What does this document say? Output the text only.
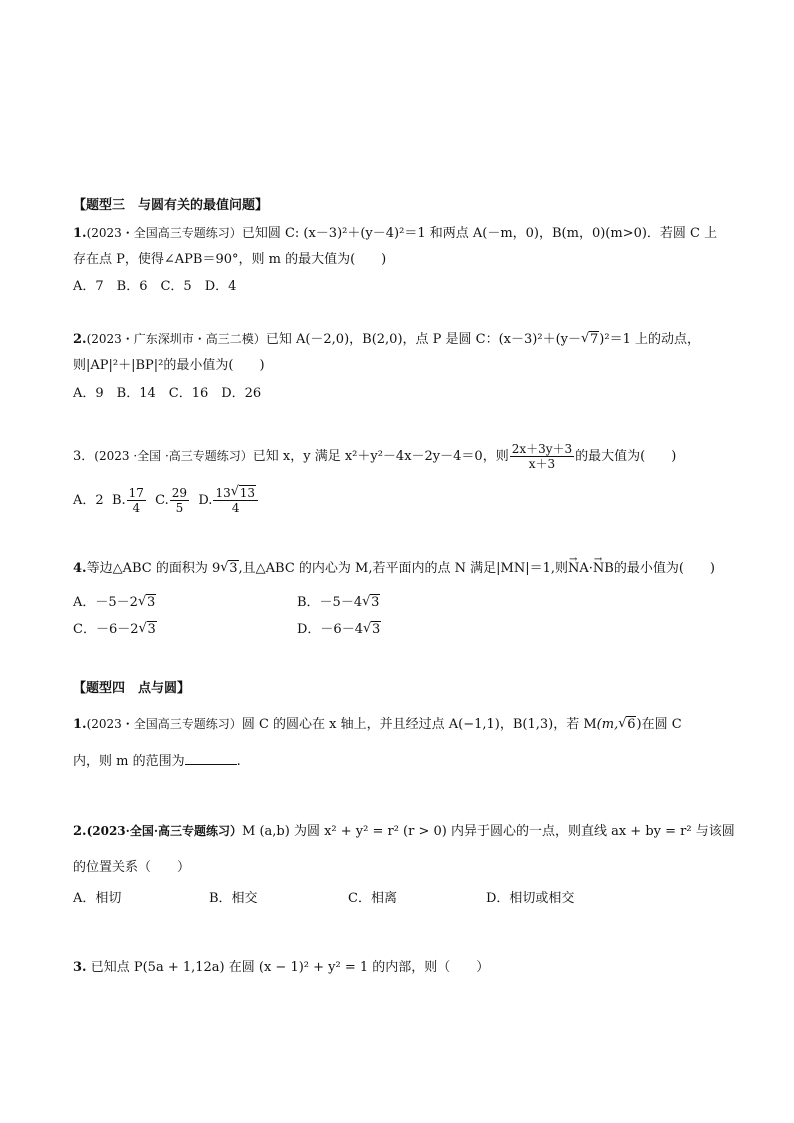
【题型三　与圆有关的最值问题】
1.(2023・全国高三专题练习）已知圆 C: (x－3)²＋(y－4)²＝1 和两点 A(－m，0)，B(m，0)(m>0)．若圆 C 上
存在点 P，使得∠APB＝90°，则 m 的最大值为(　　)
A．7　B．6　C．5　D．4
2.(2023・广东深圳市・高三二模）已知 A(－2,0)，B(2,0)，点 P 是圆 C：(x－3)²＋(y－ √ 7)²＝1 上的动点，
则|AP|²＋|BP|²的最小值为(　　)
A．9　B．14　C．16　D．26
3．(2023 ·全国 ·高三专题练习）已知 x，y 满足 x²＋y²－4x－2y－4＝0，则 $\frac{2x+3y+3}{x+3}$ 的最大值为(　　)
A．2 B. $\frac{17}{4} C$. $\frac{29}{5} D$. $\frac{13 √ 13}{4}$
4.等边△ABC 的面积为 9 √ 3,且△ABC 的内心为 M,若平面内的点 N 满足|MN|＝1,则→ NA·→ NB的最小值为(　　)
A．－5－2 √ 3	B．－5－4 √ 3
C．－6－2 √ 3	D．－6－4 √ 3
【题型四　点与圆】
1.(2023・全国高三专题练习）圆 C 的圆心在 x 轴上，并且经过点 A(−1,1)，B(1,3)，若 M(m, √ 6)在圆 C
内，则 m 的范围为	.
2.(2023·全国·高三专题练习）M (a,b) 为圆 x² + y² = r² (r > 0) 内异于圆心的一点，则直线 ax + by = r² 与该圆
的位置关系（　　）
A．相切	B．相交	C．相离	D．相切或相交
3. 已知点 P(5a + 1,12a) 在圆 (x − 1)² + y² = 1 的内部，则（　　）
